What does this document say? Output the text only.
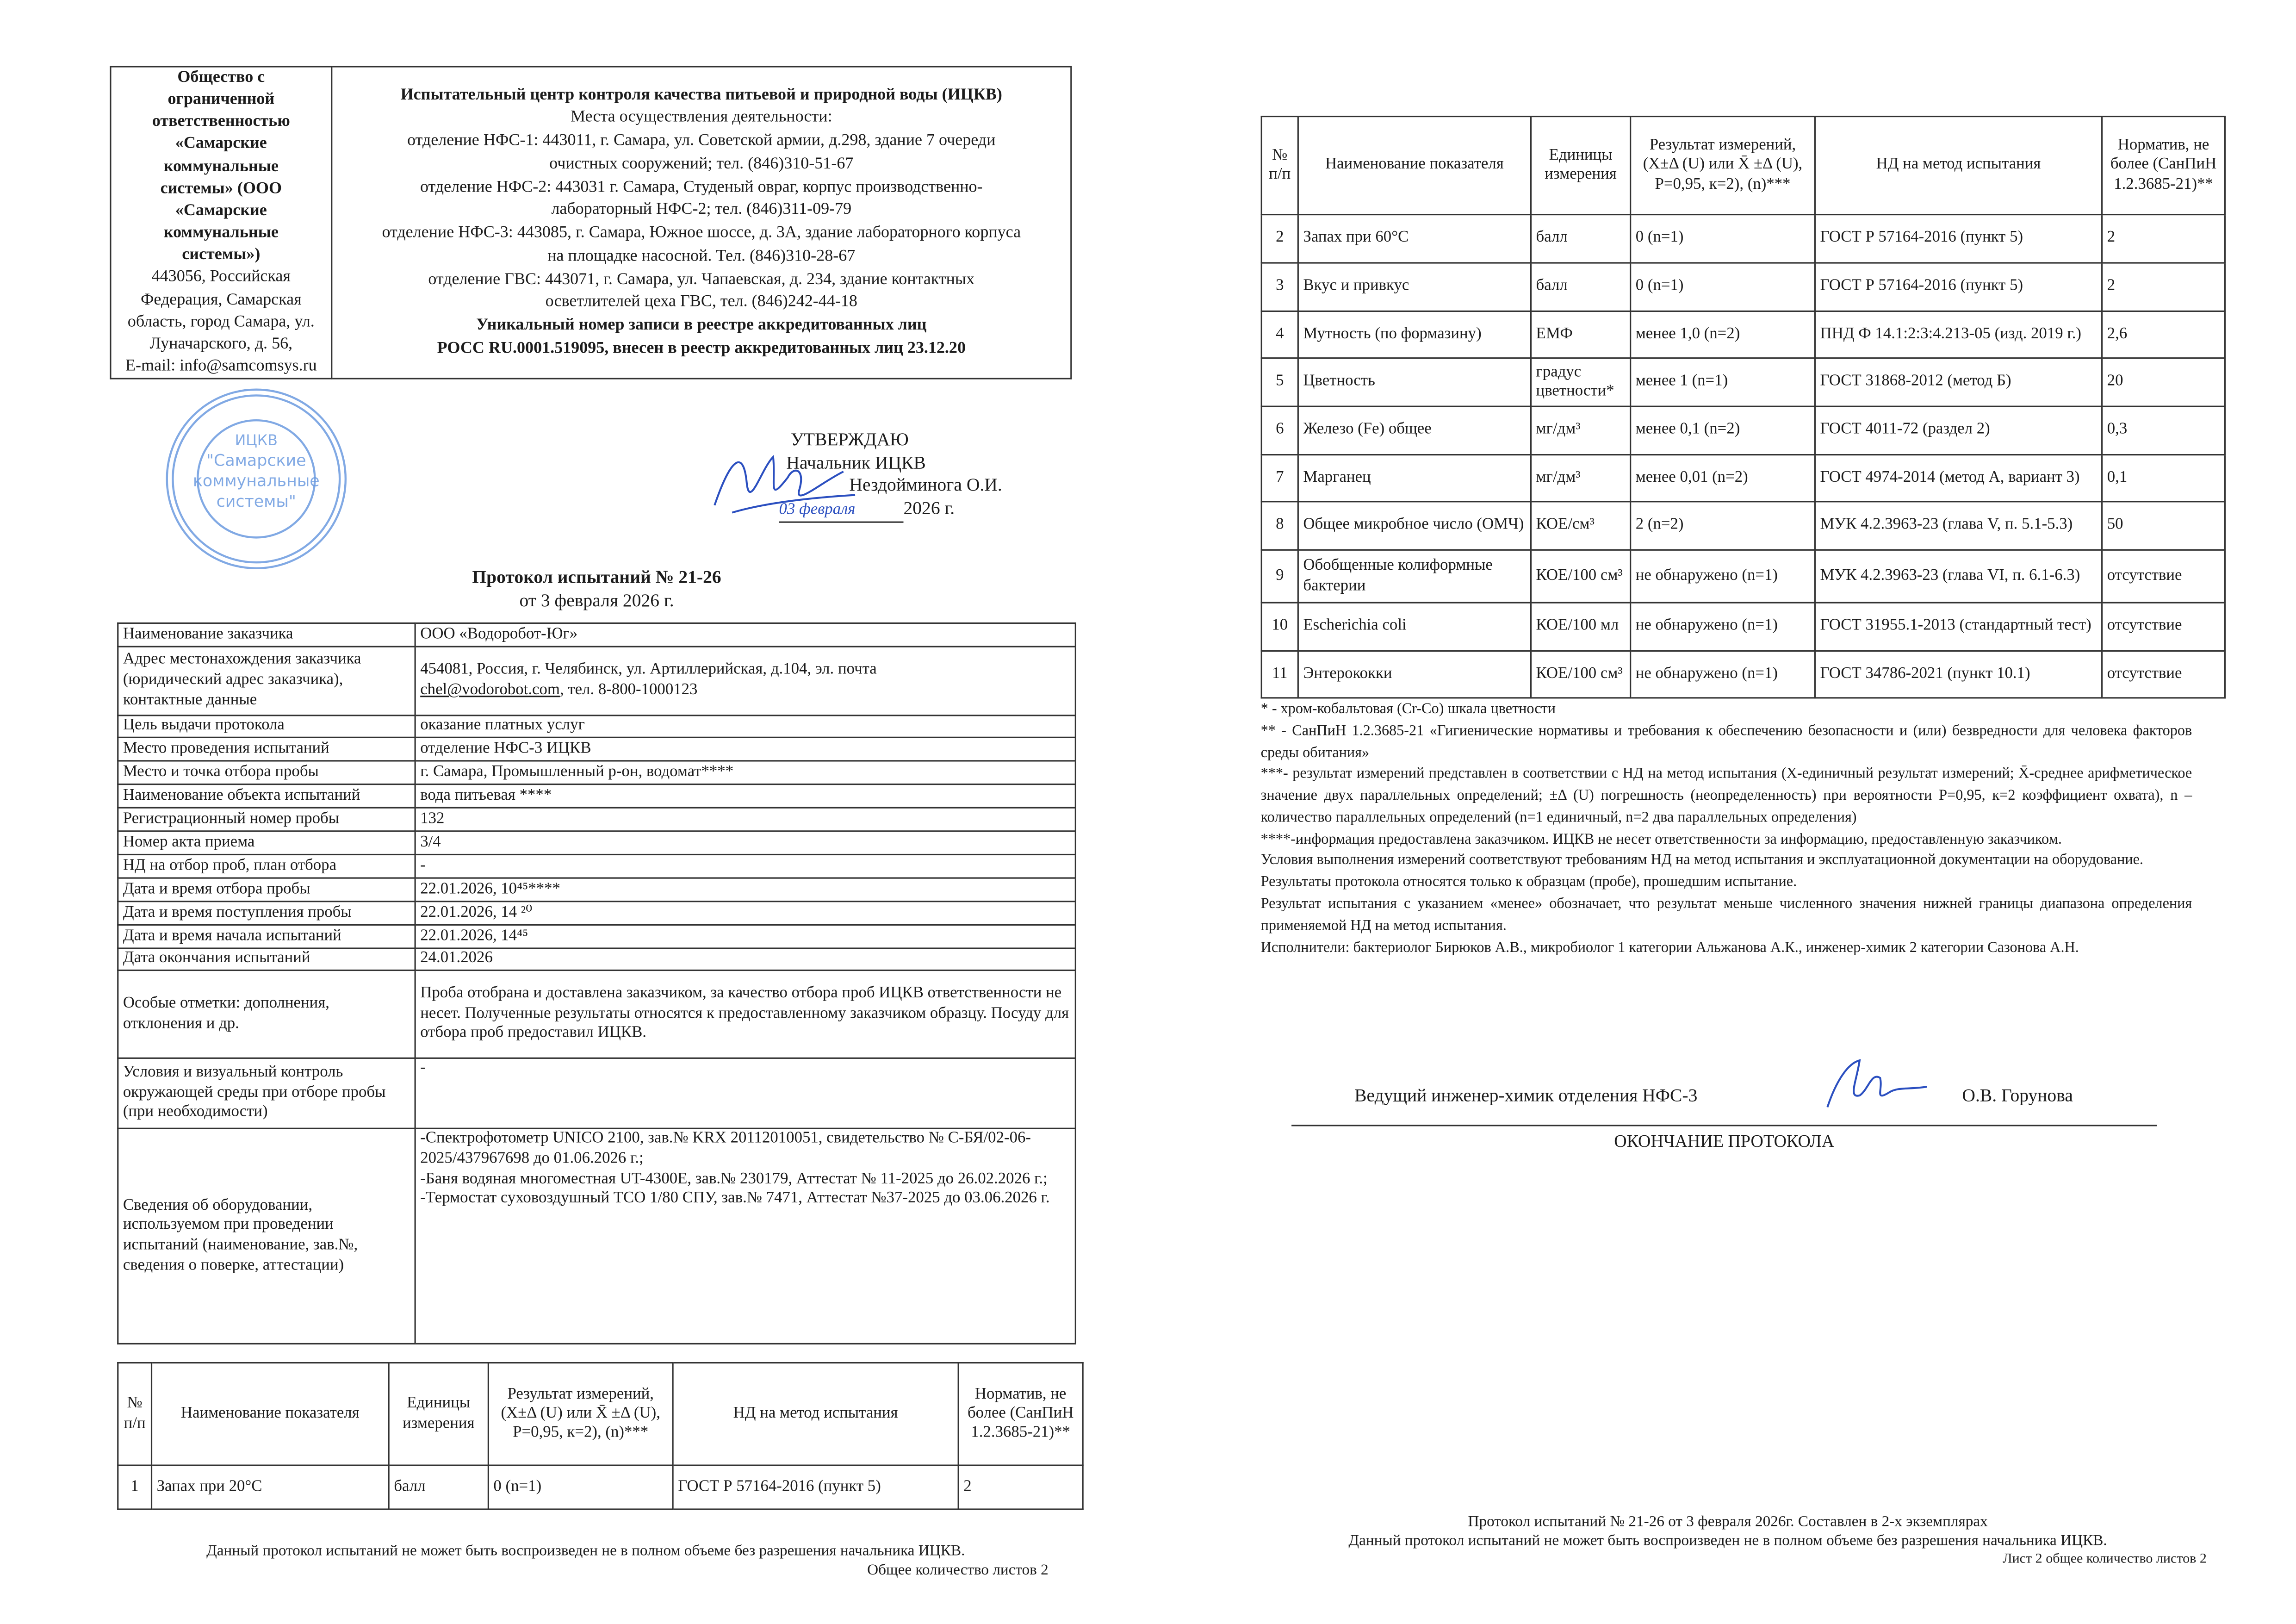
Общество с
ограниченной
ответственностью
«Самарские
коммунальные
системы» (ООО
«Самарские
коммунальные
системы»)
443056, Российская
Федерация, Самарская
область, город Самара, ул.
Луначарского, д. 56,
E-mail: info@samcomsys.ru

Испытательный центр контроля качества питьевой и природной воды (ИЦКВ)
Места осуществления деятельности:
отделение НФС-1: 443011, г. Самара, ул. Советской армии, д.298, здание 7 очереди
очистных сооружений; тел. (846)310-51-67
отделение НФС-2: 443031 г. Самара, Студеный овраг, корпус производственно-
лабораторный НФС-2; тел. (846)311-09-79
отделение НФС-3: 443085, г. Самара, Южное шоссе, д. 3А, здание лабораторного корпуса
на площадке насосной. Тел. (846)310-28-67
отделение ГВС: 443071, г. Самара, ул. Чапаевская, д. 234, здание контактных
осветлителей цеха ГВС, тел. (846)242-44-18
Уникальный номер записи в реестре аккредитованных лиц
РОСС RU.0001.519095, внесен в реестр аккредитованных лиц 23.12.20
ИЦКВ
"Самарские
коммунальные
системы"
УТВЕРЖДАЮ
Начальник ИЦКВ
Нездойминога О.И.
03 февраля	2026 г.
Протокол испытаний № 21-26
от 3 февраля 2026 г.
Наименование заказчика	ООО «Водоробот-Юг»
Адрес местонахождения заказчика (юридический адрес заказчика), контактные данные	454081, Россия, г. Челябинск, ул. Артиллерийская, д.104, эл. почта
chel@vodorobot.com, тел. 8-800-1000123
Цель выдачи протокола	оказание платных услуг
Место проведения испытаний	отделение НФС-3 ИЦКВ
Место и точка отбора пробы	г. Самара, Промышленный р-он, водомат****
Наименование объекта испытаний	вода питьевая ****
Регистрационный номер пробы	132
Номер акта приема	3/4
НД на отбор проб, план отбора	-
Дата и время отбора пробы	22.01.2026, 10⁴⁵****
Дата и время поступления пробы	22.01.2026, 14 ²⁰
Дата и время начала испытаний	22.01.2026, 14⁴⁵
Дата окончания испытаний	24.01.2026
Особые отметки: дополнения, отклонения и др.	Проба отобрана и доставлена заказчиком, за качество отбора проб ИЦКВ ответственности не несет. Полученные результаты относятся к предоставленному заказчиком образцу. Посуду для отбора проб предоставил ИЦКВ.
Условия и визуальный контроль окружающей среды при отборе пробы (при необходимости)	-
Сведения об оборудовании, используемом при проведении испытаний (наименование, зав.№, сведения о поверке, аттестации)	-Спектрофотометр UNICO 2100, зав.№ KRX 20112010051, свидетельство № С-БЯ/02-06-2025/437967698 до 01.06.2026 г.;
-Баня водяная многоместная UT-4300E, зав.№ 230179, Аттестат № 11-2025 до 26.02.2026 г.;
-Термостат суховоздушный ТСО 1/80 СПУ, зав.№ 7471, Аттестат №37-2025 до 03.06.2026 г.
№ п/п	Наименование показателя	Единицы измерения	Результат измерений, (X±Δ (U) или X̄ ±Δ (U), P=0,95, к=2), (n)***	НД на метод испытания	Норматив, не более (СанПиН 1.2.3685-21)**
1	Запах при 20°С	балл	0 (n=1)	ГОСТ Р 57164-2016 (пункт 5)	2
№ п/п	Наименование показателя	Единицы измерения	Результат измерений, (X±Δ (U) или X̄ ±Δ (U), P=0,95, к=2), (n)***	НД на метод испытания	Норматив, не более (СанПиН 1.2.3685-21)**
2	Запах при 60°С	балл	0 (n=1)	ГОСТ Р 57164-2016 (пункт 5)	2
3	Вкус и привкус	балл	0 (n=1)	ГОСТ Р 57164-2016 (пункт 5)	2
4	Мутность (по формазину)	ЕМФ	менее 1,0 (n=2)	ПНД Ф 14.1:2:3:4.213-05 (изд. 2019 г.)	2,6
5	Цветность	градус цветности*	менее 1 (n=1)	ГОСТ 31868-2012 (метод Б)	20
6	Железо (Fe) общее	мг/дм³	менее 0,1 (n=2)	ГОСТ 4011-72 (раздел 2)	0,3
7	Марганец	мг/дм³	менее 0,01 (n=2)	ГОСТ 4974-2014 (метод А, вариант 3)	0,1
8	Общее микробное число (ОМЧ)	КОЕ/см³	2 (n=2)	МУК 4.2.3963-23 (глава V, п. 5.1-5.3)	50
9	Обобщенные колиформные бактерии	КОЕ/100 см³	не обнаружено (n=1)	МУК 4.2.3963-23 (глава VI, п. 6.1-6.3)	отсутствие
10	Escherichia coli	КОЕ/100 мл	не обнаружено (n=1)	ГОСТ 31955.1-2013 (стандартный тест)	отсутствие
11	Энтерококки	КОЕ/100 см³	не обнаружено (n=1)	ГОСТ 34786-2021 (пункт 10.1)	отсутствие

* - хром-кобальтовая (Cr-Co) шкала цветности

** - СанПиН 1.2.3685-21 «Гигиенические нормативы и требования к обеспечению безопасности и (или) безвредности для человека факторов среды обитания»

***- результат измерений представлен в соответствии с НД на метод испытания (X-единичный результат измерений; X̄-среднее арифметическое значение двух параллельных определений; ±Δ (U) погрешность (неопределенность) при вероятности P=0,95, к=2 коэффициент охвата), n – количество параллельных определений (n=1 единичный, n=2 два параллельных определения)

****-информация предоставлена заказчиком. ИЦКВ не несет ответственности за информацию, предоставленную заказчиком.

Условия выполнения измерений соответствуют требованиям НД на метод испытания и эксплуатационной документации на оборудование.

Результаты протокола относятся только к образцам (пробе), прошедшим испытание.

Результат испытания с указанием «менее» обозначает, что результат меньше численного значения нижней границы диапазона определения применяемой НД на метод испытания.

Исполнители: бактериолог Бирюков А.В., микробиолог 1 категории Альжанова А.К., инженер-химик 2 категории Сазонова А.Н.

Ведущий инженер-химик отделения НФС-3	О.В. Горунова
ОКОНЧАНИЕ ПРОТОКОЛА
Данный протокол испытаний не может быть воспроизведен не в полном объеме без разрешения начальника ИЦКВ.
Общее количество листов 2
Протокол испытаний № 21-26 от 3 февраля 2026г. Составлен в 2-х экземплярах
Данный протокол испытаний не может быть воспроизведен не в полном объеме без разрешения начальника ИЦКВ.
Лист 2 общее количество листов 2
